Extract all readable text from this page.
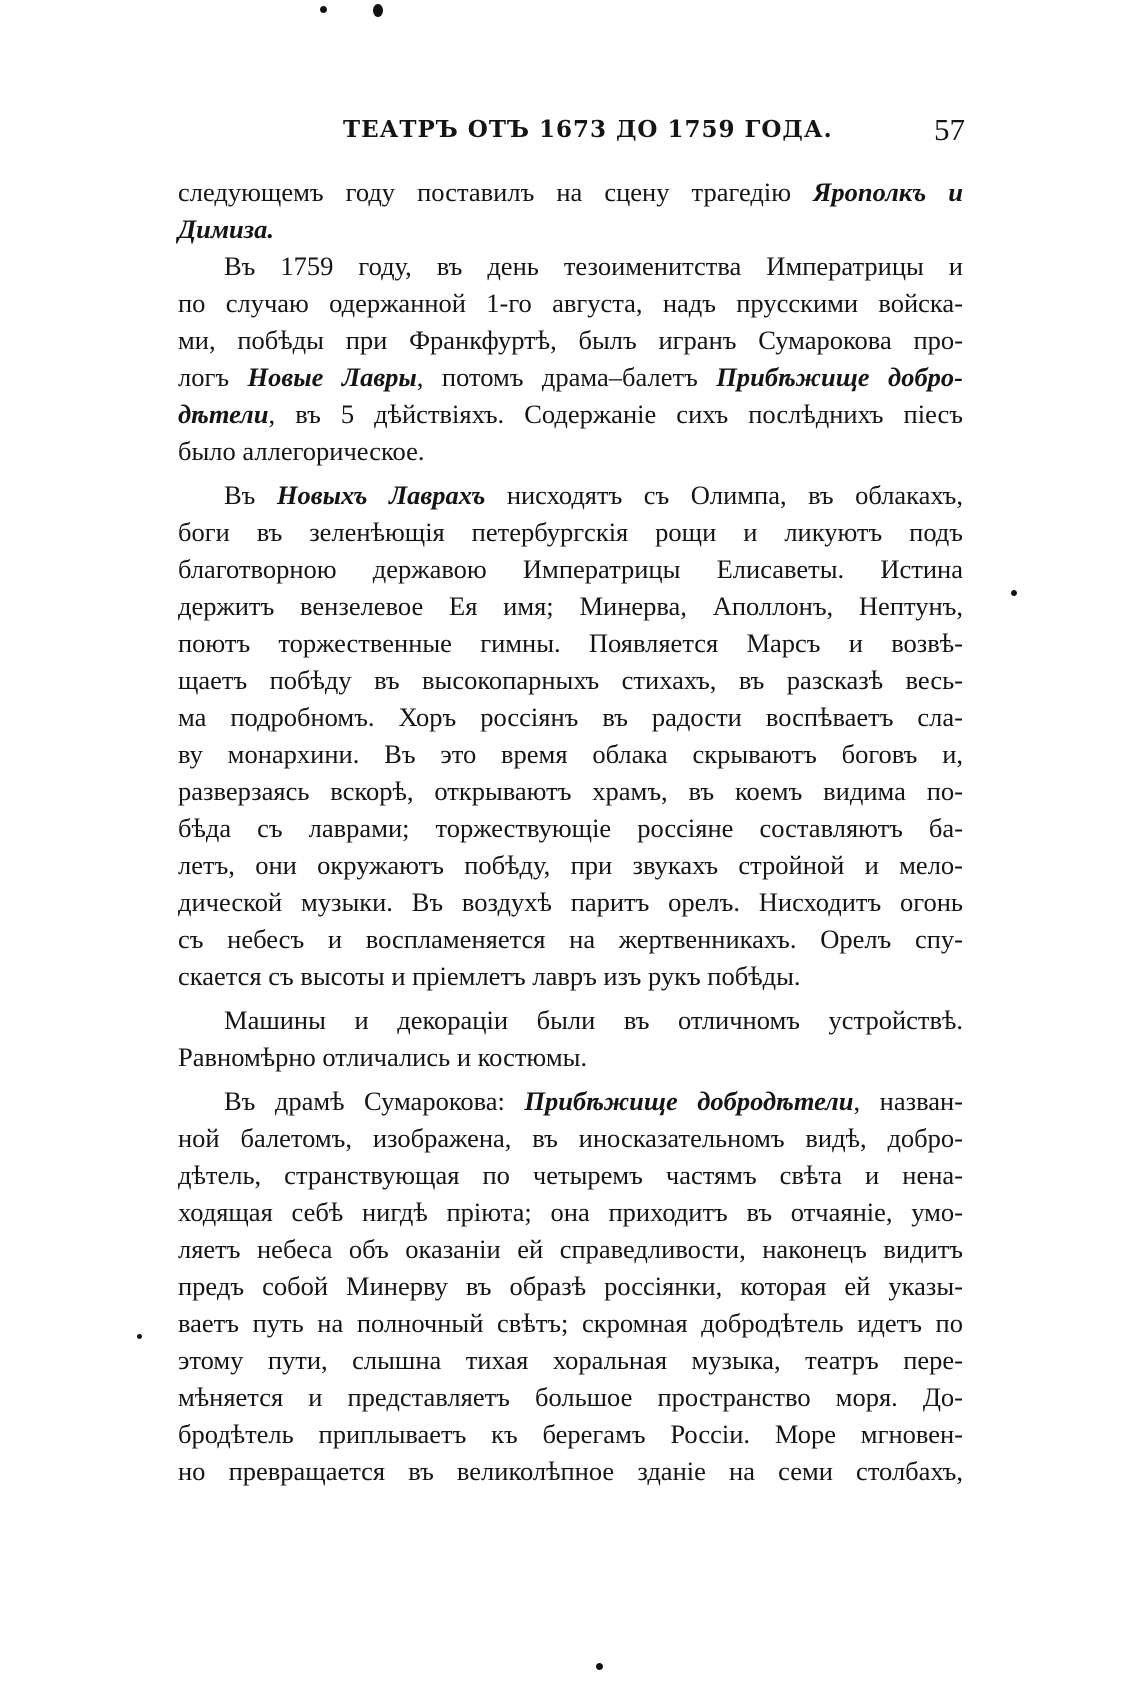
ТЕАТРЪ ОТЪ 1673 ДО 1759 ГОДА.	57

следующемъ году поставилъ на сцену трагедію Ярополкъ и
Димиза.

Въ 1759 году, въ день тезоименитства Императрицы и
по случаю одержанной 1-го августа, надъ прусскими войска-
ми, побѣды при Франкфуртѣ, былъ игранъ Сумарокова про-
логъ Новые Лавры, потомъ драма–балетъ Прибѣжище добро-
дѣтели, въ 5 дѣйствіяхъ. Содержаніе сихъ послѣднихъ піесъ
было аллегорическое.

Въ Новыхъ Лаврахъ нисходятъ съ Олимпа, въ облакахъ,
боги въ зеленѣющія петербургскія рощи и ликуютъ подъ
благотворною державою Императрицы Елисаветы. Истина
держитъ вензелевое Ея имя; Минерва, Аполлонъ, Нептунъ,
поютъ торжественные гимны. Появляется Марсъ и возвѣ-
щаетъ побѣду въ высокопарныхъ стихахъ, въ разсказѣ весь-
ма подробномъ. Хоръ россіянъ въ радости воспѣваетъ сла-
ву монархини. Въ это время облака скрываютъ боговъ и,
разверзаясь вскорѣ, открываютъ храмъ, въ коемъ видима по-
бѣда съ лаврами; торжествующіе россіяне составляютъ ба-
летъ, они окружаютъ побѣду, при звукахъ стройной и мело-
дической музыки. Въ воздухѣ паритъ орелъ. Нисходитъ огонь
съ небесъ и воспламеняется на жертвенникахъ. Орелъ спу-
скается съ высоты и пріемлетъ лавръ изъ рукъ побѣды.

Машины и декораціи были въ отличномъ устройствѣ.
Равномѣрно отличались и костюмы.

Въ драмѣ Сумарокова: Прибѣжище добродѣтели, назван-
ной балетомъ, изображена, въ иносказательномъ видѣ, добро-
дѣтель, странствующая по четыремъ частямъ свѣта и нена-
ходящая себѣ нигдѣ пріюта; она приходитъ въ отчаяніе, умо-
ляетъ небеса объ оказаніи ей справедливости, наконецъ видитъ
предъ собой Минерву въ образѣ россіянки, которая ей указы-
ваетъ путь на полночный свѣтъ; скромная добродѣтель идетъ по
этому пути, слышна тихая хоральная музыка, театръ пере-
мѣняется и представляетъ большое пространство моря. До-
бродѣтель приплываетъ къ берегамъ Россіи. Море мгновен-
но превращается въ великолѣпное зданіе на семи столбахъ,
